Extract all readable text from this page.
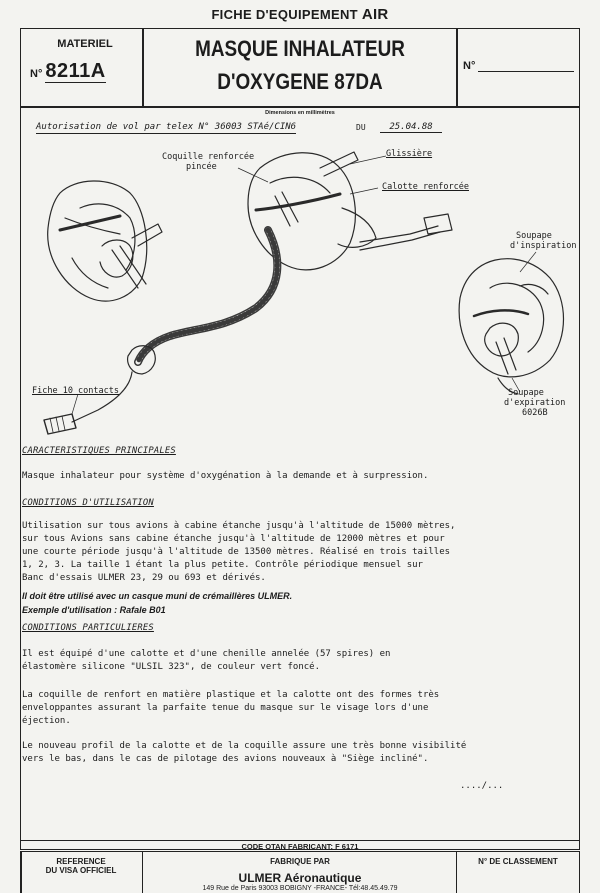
FICHE D'EQUIPEMENT AIR
MATERIEL
N° 8211A
MASQUE INHALATEUR
D'OXYGENE 87DA
N°
Dimensions en millimètres
Autorisation de vol par telex N° 36003 STAé/CIN6	DU	25.04.88
Coquille renforcée
pincée
Glissière
Calotte renforcée
Soupape
d'inspiration
Fiche 10 contacts	Soupape
d'expiration
6026B
CARACTERISTIQUES PRINCIPALES
Masque inhalateur pour système d'oxygénation à la demande et à surpression.
CONDITIONS D'UTILISATION
Utilisation sur tous avions à cabine étanche jusqu'à l'altitude de 15000 mètres,
sur tous Avions sans cabine étanche jusqu'à l'altitude de 12000 mètres et pour
une courte période jusqu'à l'altitude de 13500 mètres. Réalisé en trois tailles
1, 2, 3. La taille 1 étant la plus petite. Contrôle périodique mensuel sur
Banc d'essais ULMER 23, 29 ou 693 et dérivés.
Il doit être utilisé avec un casque muni de crémaillères ULMER.
Exemple d'utilisation : Rafale B01
CONDITIONS PARTICULIERES
Il est équipé d'une calotte et d'une chenille annelée (57 spires) en
élastomère silicone "ULSIL 323", de couleur vert foncé.
La coquille de renfort en matière plastique et la calotte ont des formes très
enveloppantes assurant la parfaite tenue du masque sur le visage lors d'une
éjection.
Le nouveau profil de la calotte et de la coquille assure une très bonne visibilité
vers le bas, dans le cas de pilotage des avions nouveaux à "Siège incliné".
..../...
CODE OTAN FABRICANT: F 6171
REFERENCE
DU VISA OFFICIEL
FABRIQUE PAR
ULMER Aéronautique
149 Rue de Paris 93003 BOBIGNY -FRANCE- Tél:48.45.49.79
N° DE CLASSEMENT
